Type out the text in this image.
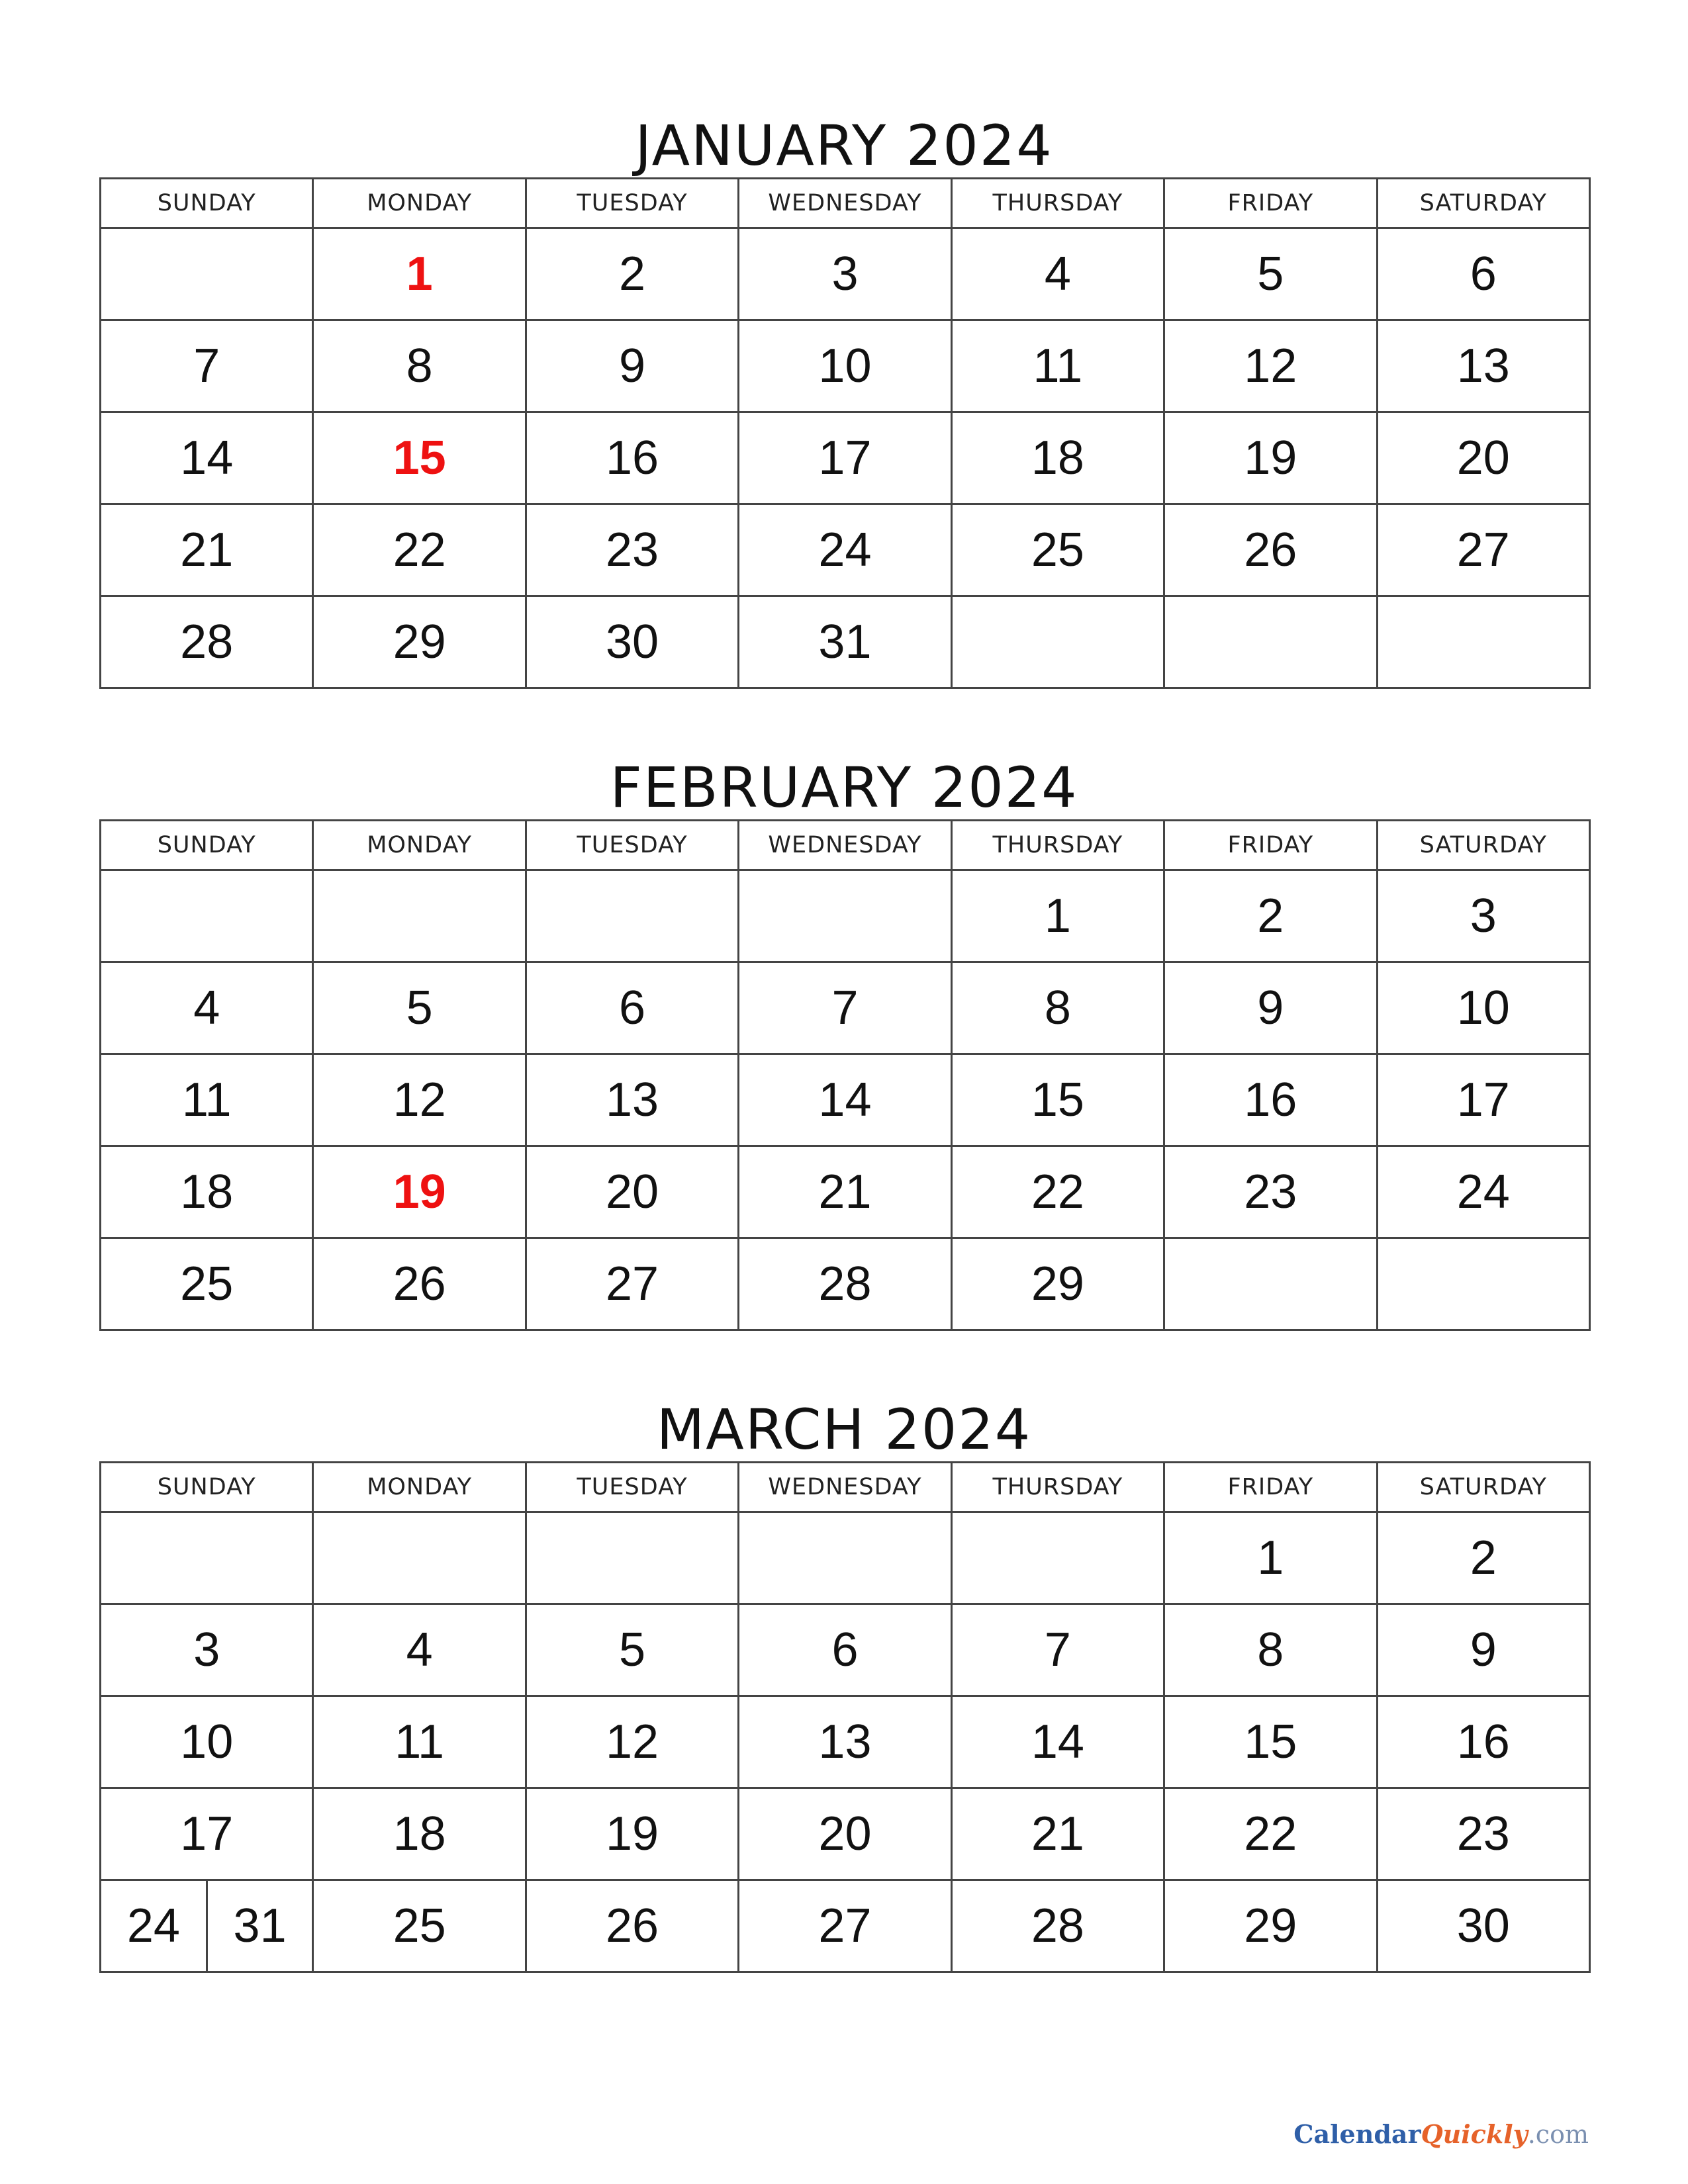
JANUARY 2024
SUNDAY	MONDAY	TUESDAY	WEDNESDAY	THURSDAY	FRIDAY	SATURDAY
	1	2	3	4	5	6
7	8	9	10	11	12	13
14	15	16	17	18	19	20
21	22	23	24	25	26	27
28	29	30	31			
FEBRUARY 2024
SUNDAY	MONDAY	TUESDAY	WEDNESDAY	THURSDAY	FRIDAY	SATURDAY
				1	2	3
4	5	6	7	8	9	10
11	12	13	14	15	16	17
18	19	20	21	22	23	24
25	26	27	28	29		
MARCH 2024
SUNDAY	MONDAY	TUESDAY	WEDNESDAY	THURSDAY	FRIDAY	SATURDAY
					1	2
3	4	5	6	7	8	9
10	11	12	13	14	15	16
17	18	19	20	21	22	23

24 31	25	26	27	28	29	30
CalendarQuickly.com
